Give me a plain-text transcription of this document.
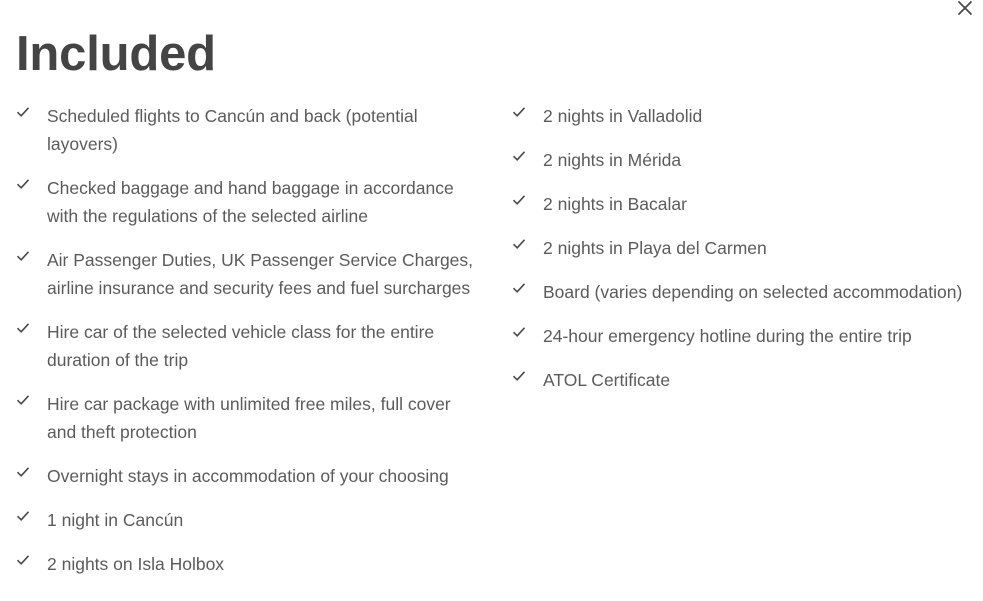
Included
Scheduled flights to Cancún and back (potential layovers)
Checked baggage and hand baggage in accordance with the regulations of the selected airline
Air Passenger Duties, UK Passenger Service Charges, airline insurance and security fees and fuel surcharges
Hire car of the selected vehicle class for the entire duration of the trip
Hire car package with unlimited free miles, full cover and theft protection
Overnight stays in accommodation of your choosing
1 night in Cancún
2 nights on Isla Holbox
2 nights in Valladolid
2 nights in Mérida
2 nights in Bacalar
2 nights in Playa del Carmen
Board (varies depending on selected accommodation)
24-hour emergency hotline during the entire trip
ATOL Certificate
